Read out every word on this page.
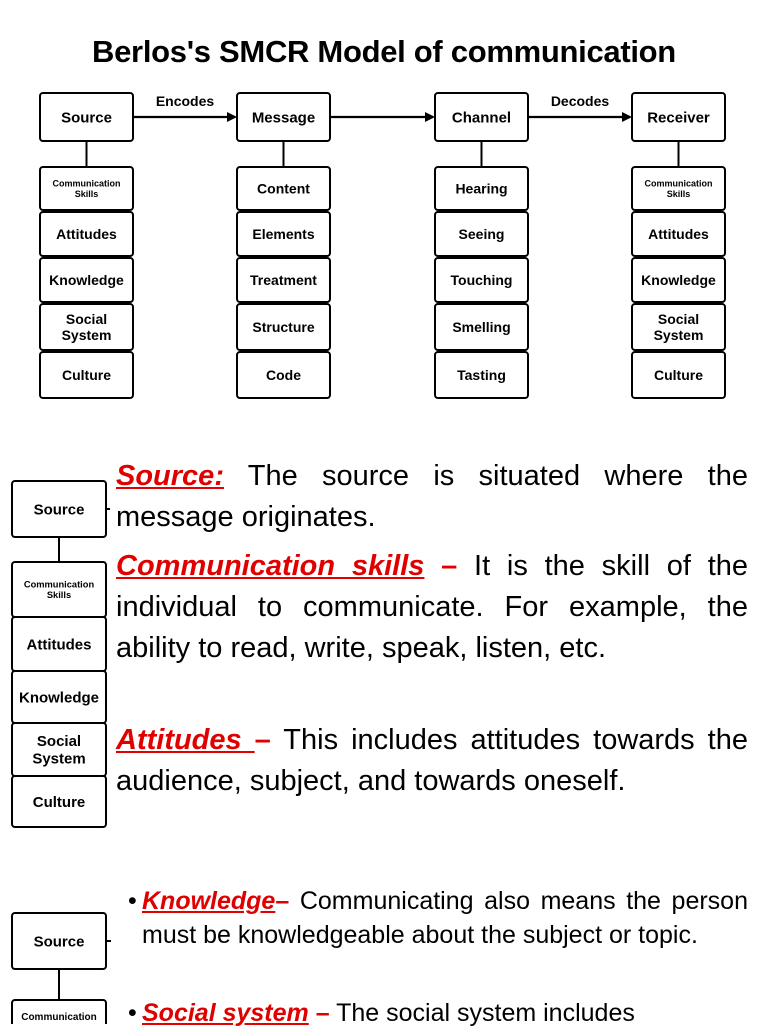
Berlos's SMCR Model of communication
Source
Communication
Skills
Attitudes
Knowledge
Social
System
Culture
Message
Content
Elements
Treatment
Structure
Code
Channel
Hearing
Seeing
Touching
Smelling
Tasting
Receiver
Communication
Skills
Attitudes
Knowledge
Social
System
Culture
Encodes	Decodes
Source
Communication
Skills
Attitudes
Knowledge
Social
System
Culture
Source
Communication
Source: The source is situated where the message originates.
Communication skills – It is the skill of the individual to communicate. For example, the ability to read, write, speak, listen, etc.
Attitudes – This includes attitudes towards the audience, subject, and towards oneself.
• Knowledge– Communicating also means the person must be knowledgeable about the subject or topic.
• Social system – The social system includes
